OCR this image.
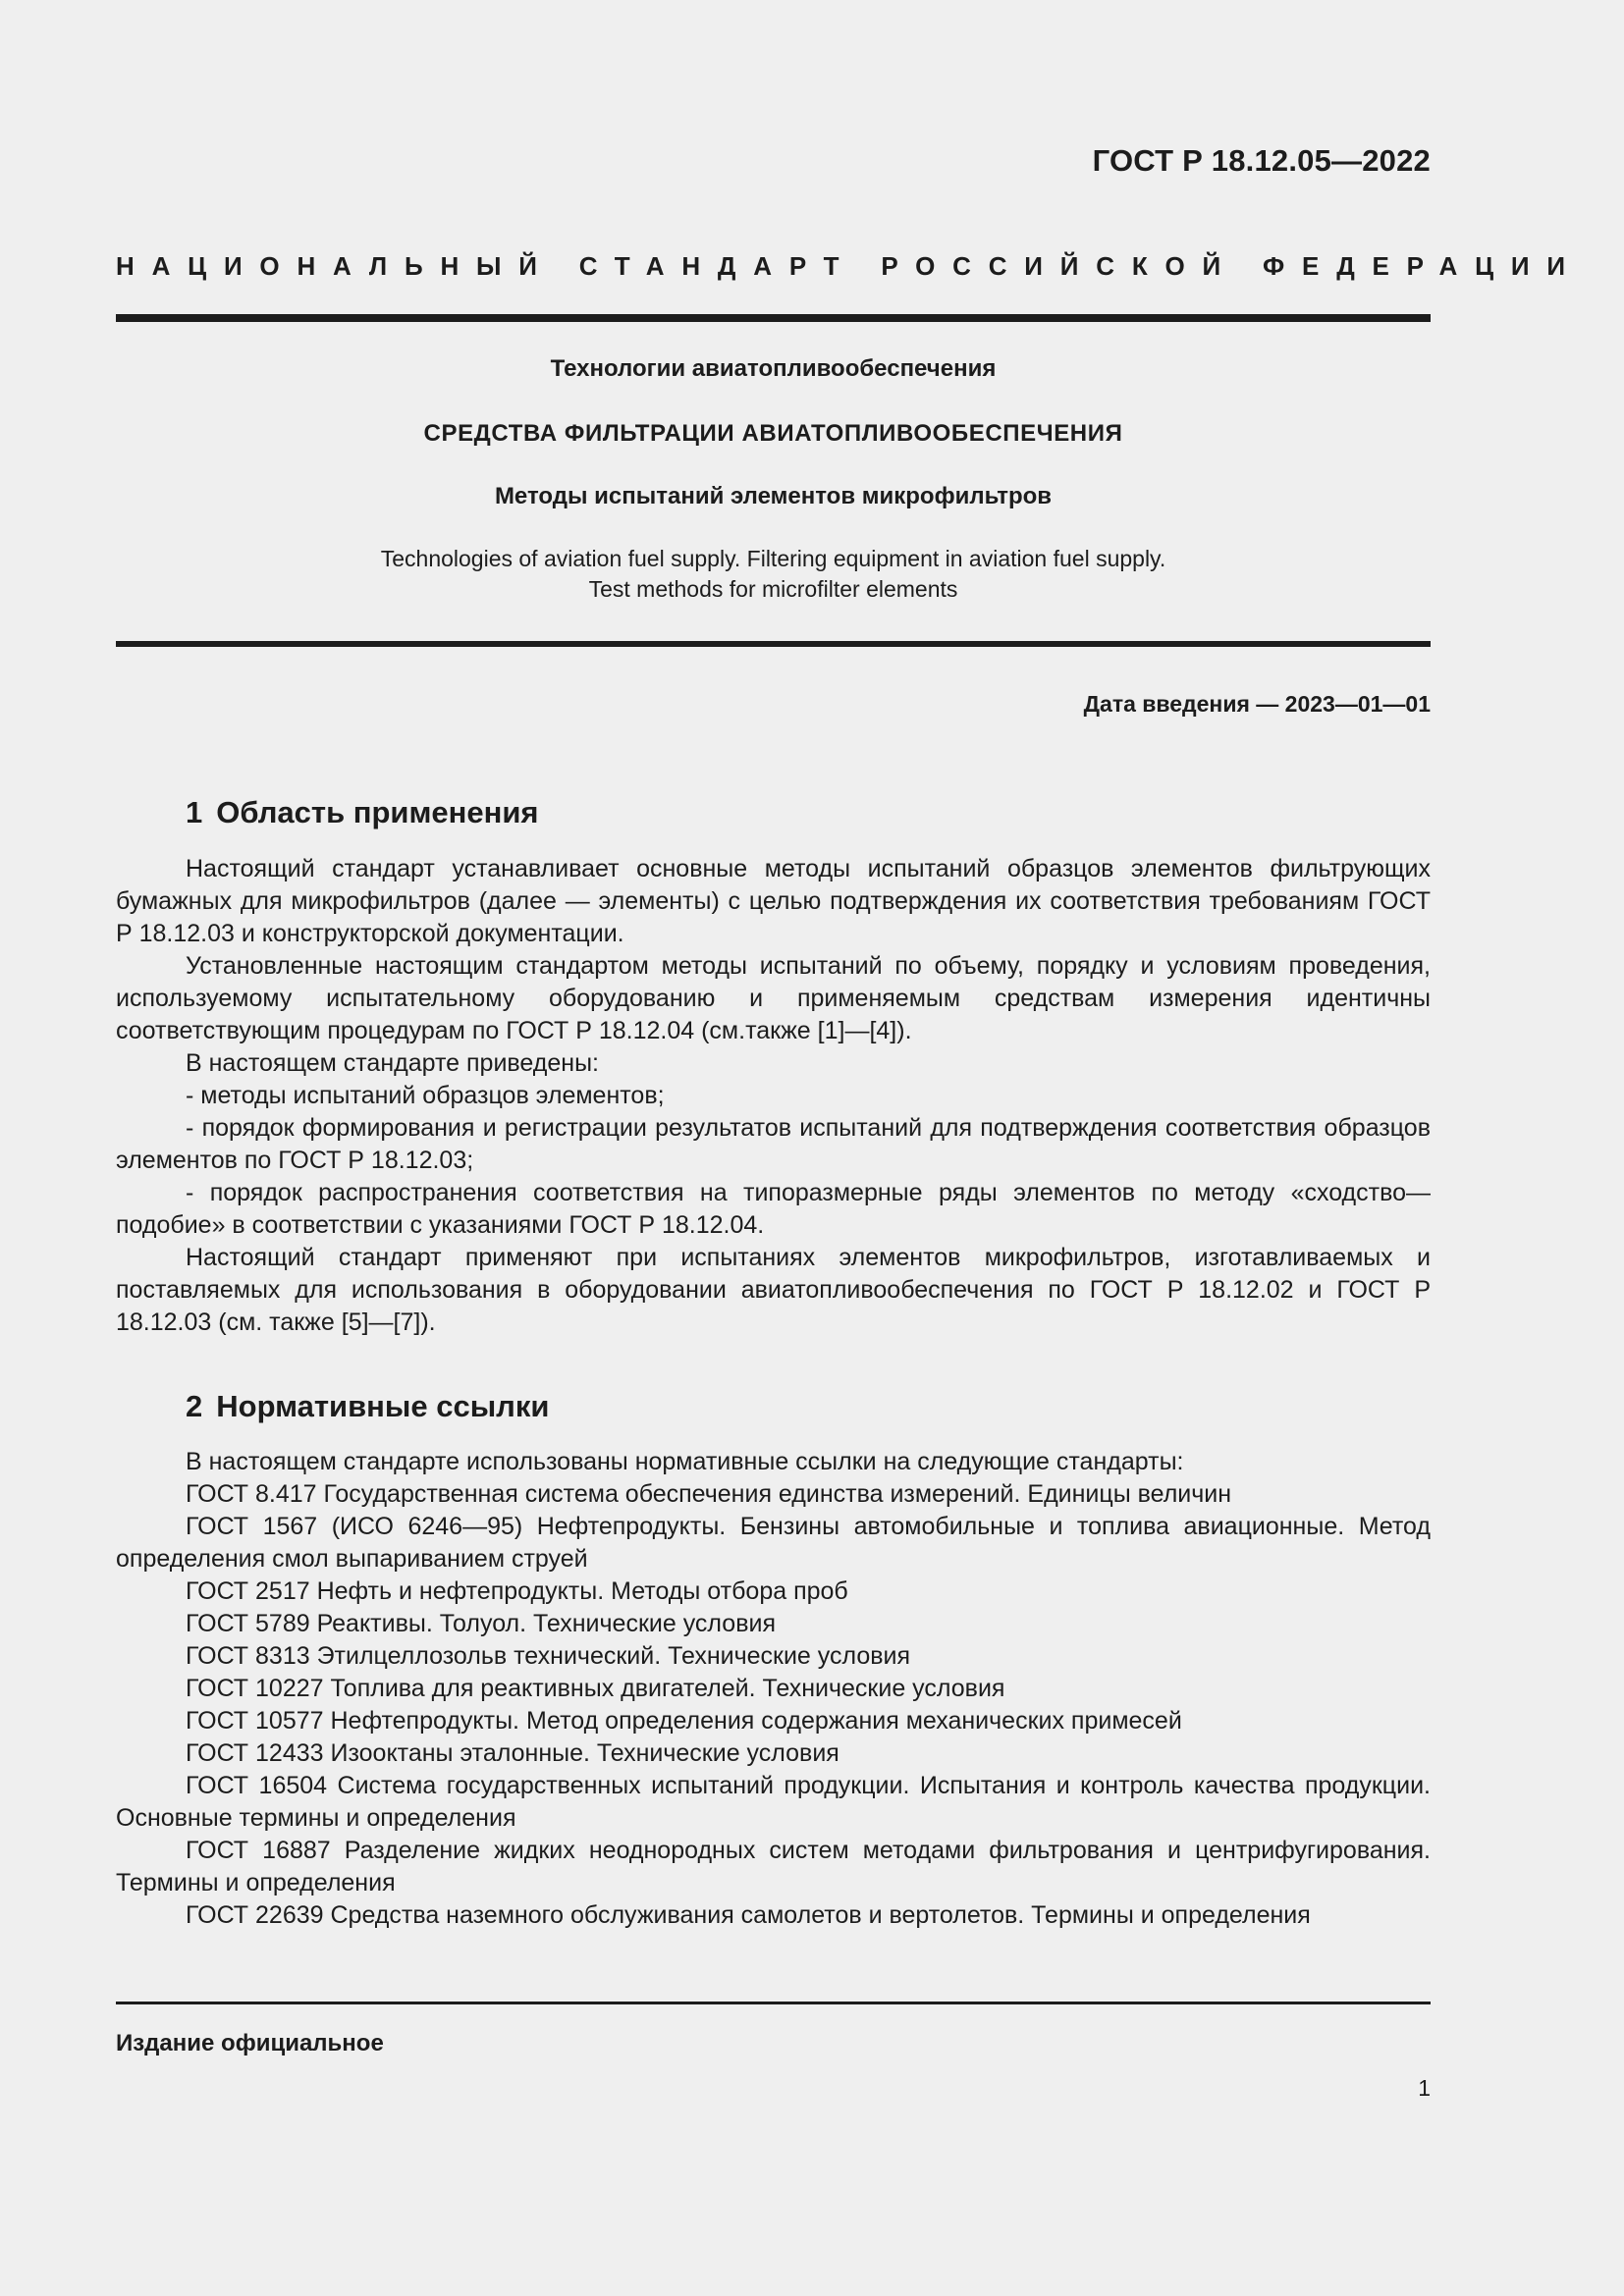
ГОСТ Р 18.12.05—2022
НАЦИОНАЛЬНЫЙ СТАНДАРТ РОССИЙСКОЙ ФЕДЕРАЦИИ
Технологии авиатопливообеспечения
СРЕДСТВА ФИЛЬТРАЦИИ АВИАТОПЛИВООБЕСПЕЧЕНИЯ
Методы испытаний элементов микрофильтров
Technologies of aviation fuel supply. Filtering equipment in aviation fuel supply.
Test methods for microfilter elements
Дата введения — 2023—01—01
1 Область применения

Настоящий стандарт устанавливает основные методы испытаний образцов элементов фильтрующих бумажных для микрофильтров (далее — элементы) с целью подтверждения их соответствия требованиям ГОСТ Р 18.12.03 и конструкторской документации.

Установленные настоящим стандартом методы испытаний по объему, порядку и условиям проведения, используемому испытательному оборудованию и применяемым средствам измерения идентичны соответствующим процедурам по ГОСТ Р 18.12.04 (см.также [1]—[4]).

В настоящем стандарте приведены:

- методы испытаний образцов элементов;

- порядок формирования и регистрации результатов испытаний для подтверждения соответствия образцов элементов по ГОСТ Р 18.12.03;

- порядок распространения соответствия на типоразмерные ряды элементов по методу «сходство—подобие» в соответствии с указаниями ГОСТ Р 18.12.04.

Настоящий стандарт применяют при испытаниях элементов микрофильтров, изготавливаемых и поставляемых для использования в оборудовании авиатопливообеспечения по ГОСТ Р 18.12.02 и ГОСТ Р 18.12.03 (см. также [5]—[7]).

2 Нормативные ссылки

В настоящем стандарте использованы нормативные ссылки на следующие стандарты:

ГОСТ 8.417 Государственная система обеспечения единства измерений. Единицы величин

ГОСТ 1567 (ИСО 6246—95) Нефтепродукты. Бензины автомобильные и топлива авиационные. Метод определения смол выпариванием струей

ГОСТ 2517 Нефть и нефтепродукты. Методы отбора проб

ГОСТ 5789 Реактивы. Толуол. Технические условия

ГОСТ 8313 Этилцеллозольв технический. Технические условия

ГОСТ 10227 Топлива для реактивных двигателей. Технические условия

ГОСТ 10577 Нефтепродукты. Метод определения содержания механических примесей

ГОСТ 12433 Изооктаны эталонные. Технические условия

ГОСТ 16504 Система государственных испытаний продукции. Испытания и контроль качества продукции. Основные термины и определения

ГОСТ 16887 Разделение жидких неоднородных систем методами фильтрования и центрифугирования. Термины и определения

ГОСТ 22639 Средства наземного обслуживания самолетов и вертолетов. Термины и определения

Издание официальное
1
